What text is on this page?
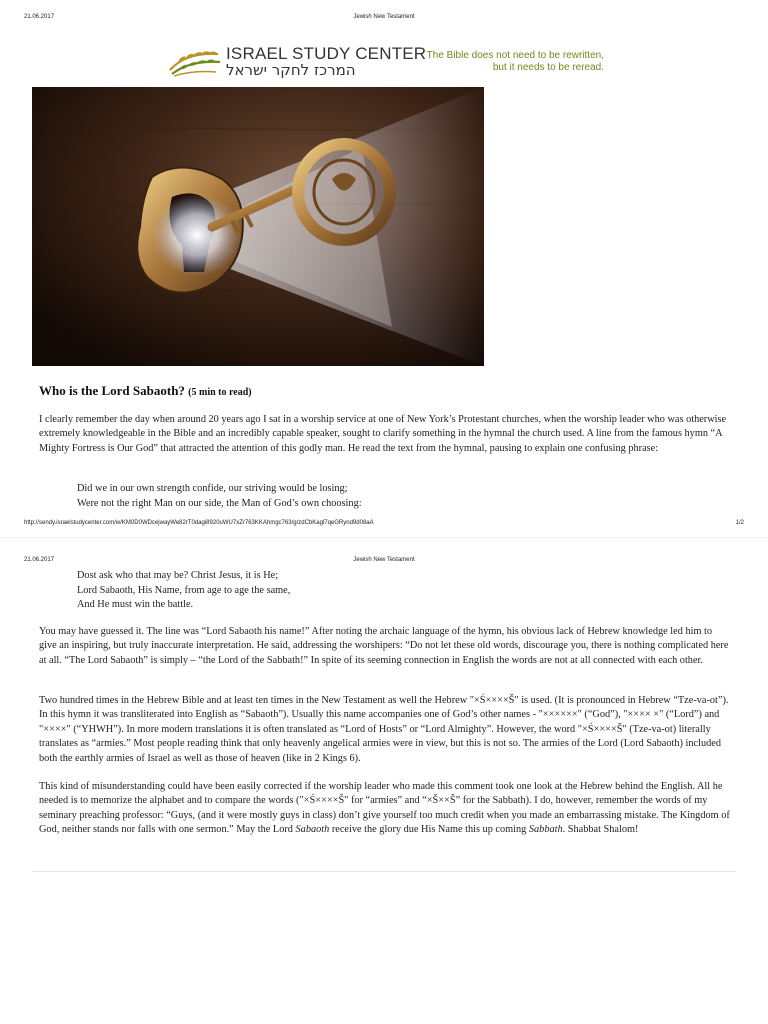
21.06.2017	Jewish New Testament
ISRAEL STUDY CENTER
המרכז לחקר ישראל
The Bible does not need to be rewritten,
but it needs to be reread.
Who is the Lord Sabaoth? (5 min to read)

I clearly remember the day when around 20 years ago I sat in a worship service at one of New York’s Protestant churches, when the worship leader who was otherwise extremely knowledgeable in the Bible and an incredibly capable speaker, sought to clarify something in the hymnal the church used. A line from the famous hymn “A Mighty Fortress is Our God” that attracted the attention of this godly man. He read the text from the hymnal, pausing to explain one confusing phrase:

Did we in our own strength confide, our striving would be losing;
Were not the right Man on our side, the Man of God’s own choosing:
http://sendy.israelstudycenter.com/w/KM0D0WDcejwayWe82rT0dagi8920uWU7xZr763KKAhmgc763/g/zdCbKagl7qeGRynd9d08aA	1/2
21.06.2017	Jewish New Testament
Dost ask who that may be? Christ Jesus, it is He;
Lord Sabaoth, His Name, from age to age the same,
And He must win the battle.

You may have guessed it. The line was “Lord Sabaoth his name!” After noting the archaic language of the hymn, his obvious lack of Hebrew knowledge led him to give an inspiring, but truly inaccurate interpretation. He said, addressing the worshipers: “Do not let these old words, discourage you, there is nothing complicated here at all. “The Lord Sabaoth” is simply – “the Lord of the Sabbath!” In spite of its seeming connection in English the words are not at all connected with each other.

Two hundred times in the Hebrew Bible and at least ten times in the New Testament as well the Hebrew "×Ś××××Š" is used. (It is pronounced in Hebrew “Tze-va-ot”). In this hymn it was transliterated into English as “Sabaoth”). Usually this name accompanies one of God’s other names - "××××××" (“God”), "×××× ×" (“Lord”) and "××××" (“YHWH”). In more modern translations it is often translated as “Lord of Hosts” or “Lord Almighty”. However, the word "×Ś××××Š" (Tze-va-ot) literally translates as “armies.” Most people reading think that only heavenly angelical armies were in view, but this is not so. The armies of the Lord (Lord Sabaoth) included both the earthly armies of Israel as well as those of heaven (like in 2 Kings 6).

This kind of misunderstanding could have been easily corrected if the worship leader who made this comment took one look at the Hebrew behind the English. All he needed is to memorize the alphabet and to compare the words ("×Ś××××Š" for “armies” and “×Š××Š” for the Sabbath). I do, however, remember the words of my seminary preaching professor: “Guys, (and it were mostly guys in class) don’t give yourself too much credit when you made an embarrassing mistake. The Kingdom of God, neither stands nor falls with one sermon.” May the Lord Sabaoth receive the glory due His Name this up coming Sabbath. Shabbat Shalom!
